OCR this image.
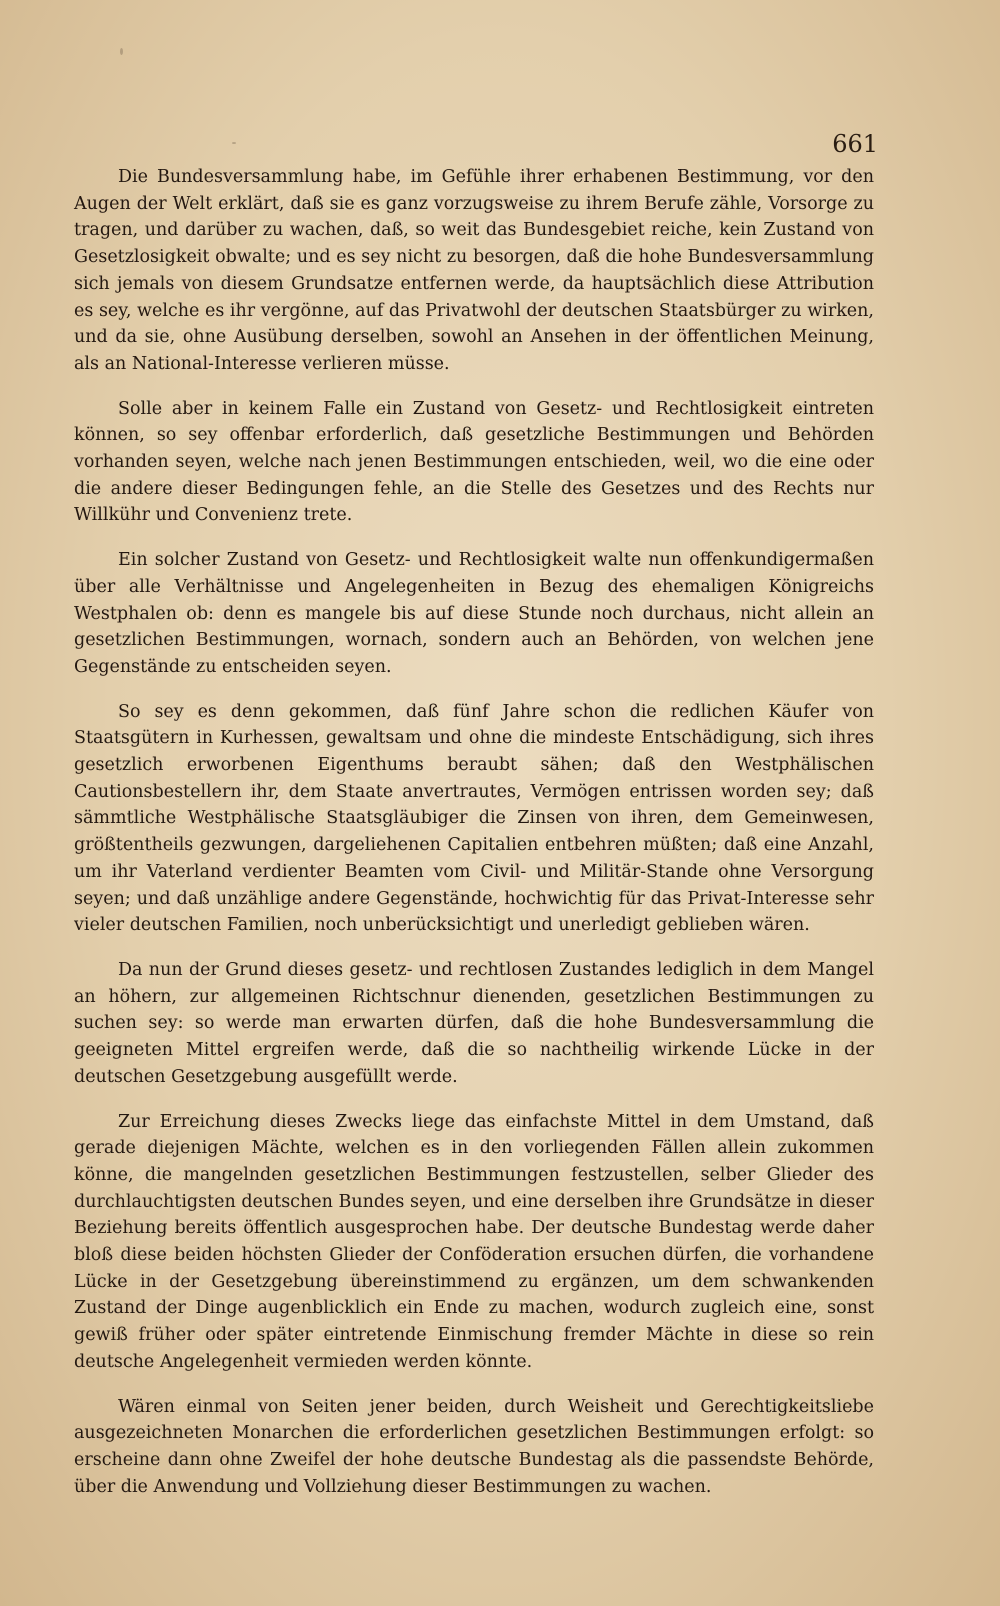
661

Die Bundesversammlung habe, im Gefühle ihrer erhabenen Bestimmung, vor den Augen der Welt erklärt, daß sie es ganz vorzugsweise zu ihrem Berufe zähle, Vorsorge zu tragen, und darüber zu wachen, daß, so weit das Bundesgebiet reiche, kein Zustand von Gesetzlosigkeit obwalte; und es sey nicht zu besorgen, daß die hohe Bundesversammlung sich jemals von diesem Grundsatze entfernen werde, da hauptsächlich diese Attribution es sey, welche es ihr vergönne, auf das Privatwohl der deutschen Staatsbürger zu wirken, und da sie, ohne Ausübung derselben, sowohl an Ansehen in der öffentlichen Meinung, als an National-Interesse verlieren müsse.

Solle aber in keinem Falle ein Zustand von Gesetz- und Rechtlosigkeit eintreten können, so sey offenbar erforderlich, daß gesetzliche Bestimmungen und Behörden vorhanden seyen, welche nach jenen Bestimmungen entschieden, weil, wo die eine oder die andere dieser Bedingungen fehle, an die Stelle des Gesetzes und des Rechts nur Willkühr und Convenienz trete.

Ein solcher Zustand von Gesetz- und Rechtlosigkeit walte nun offenkundigermaßen über alle Verhältnisse und Angelegenheiten in Bezug des ehemaligen Königreichs Westphalen ob: denn es mangele bis auf diese Stunde noch durchaus, nicht allein an gesetzlichen Bestimmungen, wornach, sondern auch an Behörden, von welchen jene Gegenstände zu entscheiden seyen.

So sey es denn gekommen, daß fünf Jahre schon die redlichen Käufer von Staatsgütern in Kurhessen, gewaltsam und ohne die mindeste Entschädigung, sich ihres gesetzlich erworbenen Eigenthums beraubt sähen; daß den Westphälischen Cautionsbestellern ihr, dem Staate anvertrautes, Vermögen entrissen worden sey; daß sämmtliche Westphälische Staatsgläubiger die Zinsen von ihren, dem Gemeinwesen, größtentheils gezwungen, dargeliehenen Capitalien entbehren müßten; daß eine Anzahl, um ihr Vaterland verdienter Beamten vom Civil- und Militär-Stande ohne Versorgung seyen; und daß unzählige andere Gegenstände, hochwichtig für das Privat-Interesse sehr vieler deutschen Familien, noch unberücksichtigt und unerledigt geblieben wären.

Da nun der Grund dieses gesetz- und rechtlosen Zustandes lediglich in dem Mangel an höhern, zur allgemeinen Richtschnur dienenden, gesetzlichen Bestimmungen zu suchen sey: so werde man erwarten dürfen, daß die hohe Bundesversammlung die geeigneten Mittel ergreifen werde, daß die so nachtheilig wirkende Lücke in der deutschen Gesetzgebung ausgefüllt werde.

Zur Erreichung dieses Zwecks liege das einfachste Mittel in dem Umstand, daß gerade diejenigen Mächte, welchen es in den vorliegenden Fällen allein zukommen könne, die mangelnden gesetzlichen Bestimmungen festzustellen, selber Glieder des durchlauchtigsten deutschen Bundes seyen, und eine derselben ihre Grundsätze in dieser Beziehung bereits öffentlich ausgesprochen habe. Der deutsche Bundestag werde daher bloß diese beiden höchsten Glieder der Conföderation ersuchen dürfen, die vorhandene Lücke in der Gesetzgebung übereinstimmend zu ergänzen, um dem schwankenden Zustand der Dinge augenblicklich ein Ende zu machen, wodurch zugleich eine, sonst gewiß früher oder später eintretende Einmischung fremder Mächte in diese so rein deutsche Angelegenheit vermieden werden könnte.

Wären einmal von Seiten jener beiden, durch Weisheit und Gerechtigkeitsliebe ausgezeichneten Monarchen die erforderlichen gesetzlichen Bestimmungen erfolgt: so erscheine dann ohne Zweifel der hohe deutsche Bundestag als die passendste Behörde, über die Anwendung und Vollziehung dieser Bestimmungen zu wachen.
